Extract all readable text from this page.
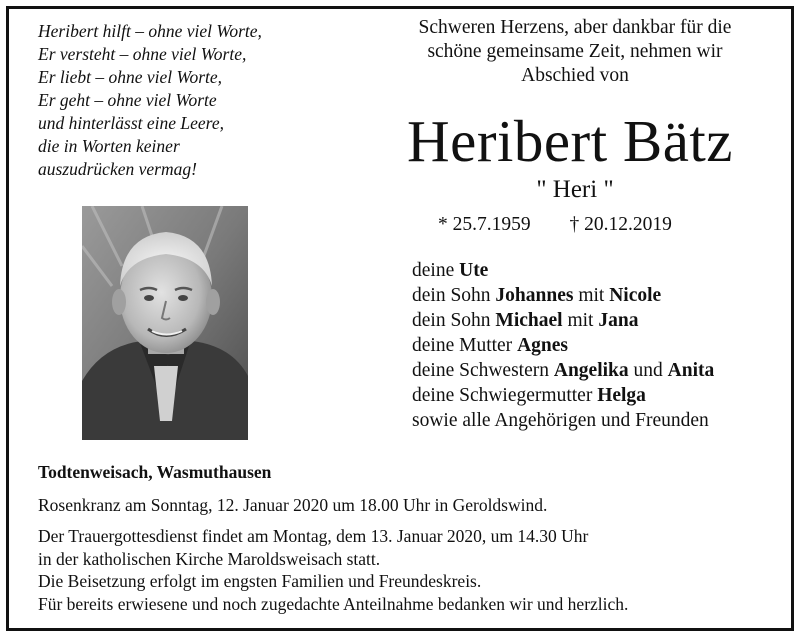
Heribert hilft – ohne viel Worte,
Er versteht – ohne viel Worte,
Er liebt – ohne viel Worte,
Er geht – ohne viel Worte
und hinterlässt eine Leere,
die in Worten keiner
auszudrücken vermag!
Schweren Herzens, aber dankbar für die
schöne gemeinsame Zeit, nehmen wir
Abschied von
Heribert Bätz
" Heri "
* 25.7.1959 † 20.12.2019
deine Ute
dein Sohn Johannes mit Nicole
dein Sohn Michael mit Jana
deine Mutter Agnes
deine Schwestern Angelika und Anita
deine Schwiegermutter Helga
sowie alle Angehörigen und Freunden
Todtenweisach, Wasmuthausen
Rosenkranz am Sonntag, 12. Januar 2020 um 18.00 Uhr in Geroldswind.
Der Trauergottesdienst findet am Montag, dem 13. Januar 2020, um 14.30 Uhr
in der katholischen Kirche Maroldsweisach statt.
Die Beisetzung erfolgt im engsten Familien und Freundeskreis.
Für bereits erwiesene und noch zugedachte Anteilnahme bedanken wir und herzlich.
